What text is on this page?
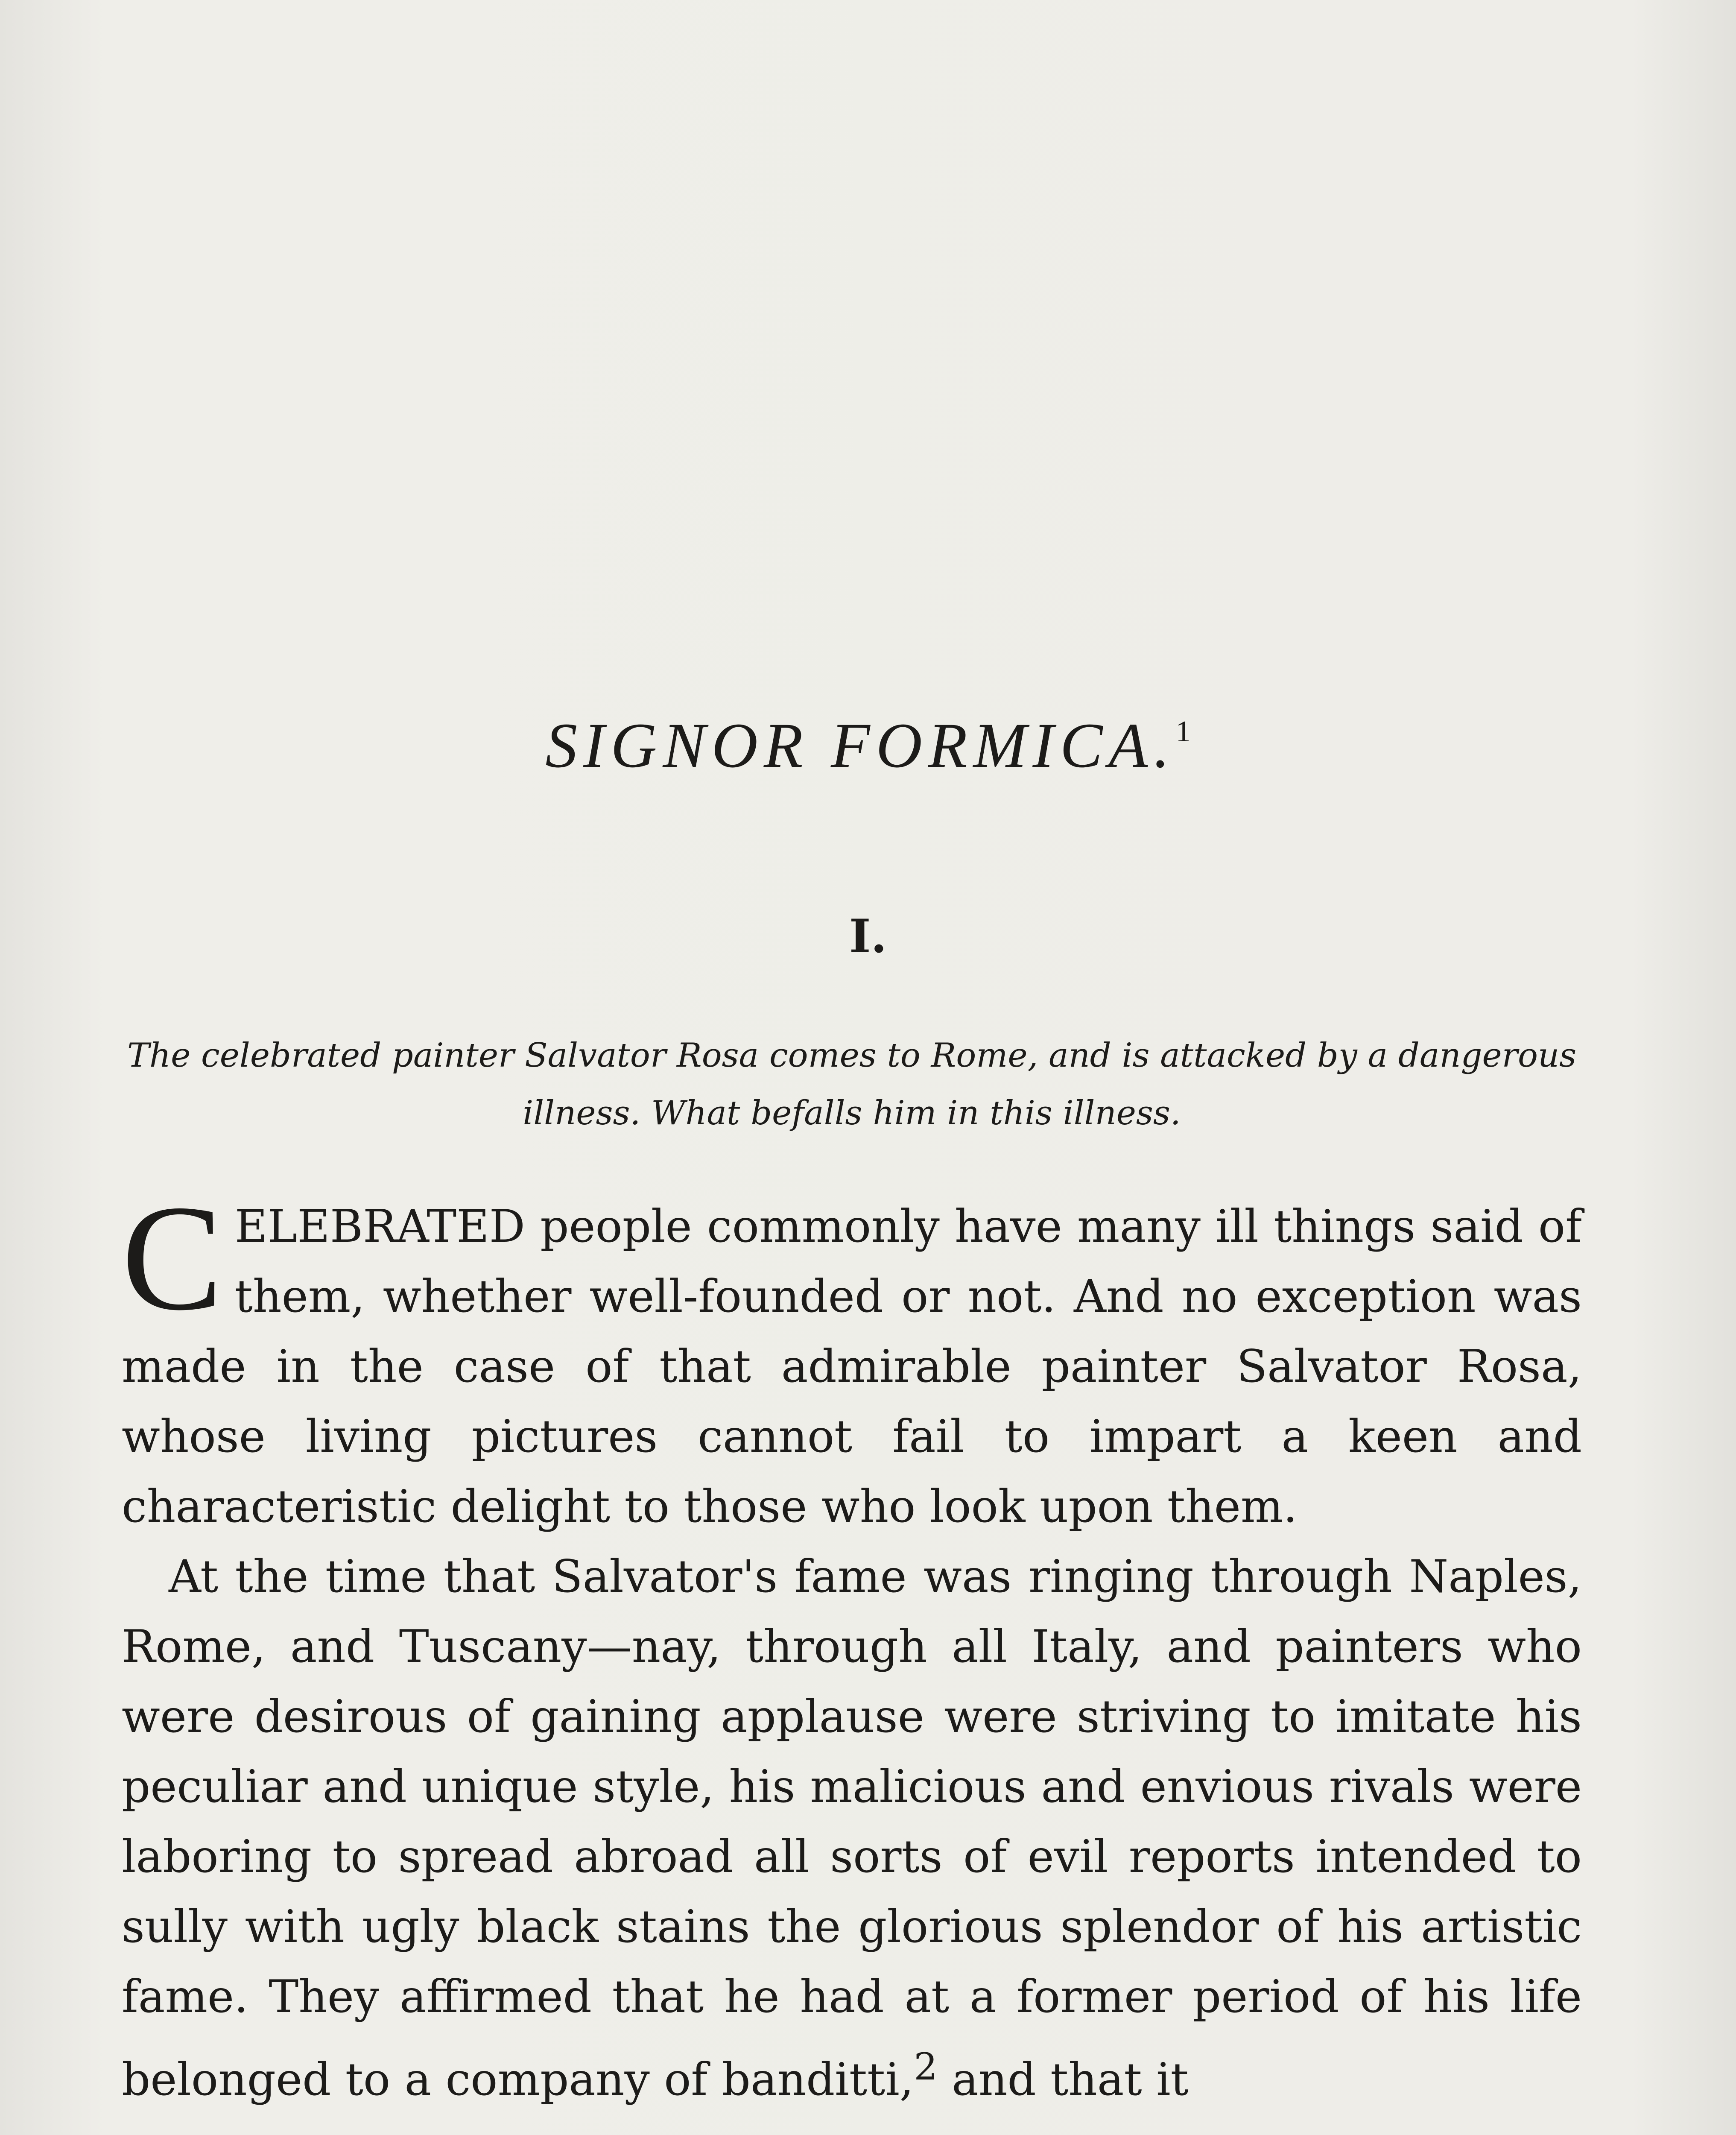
SIGNOR FORMICA.$^1$
I.
The celebrated painter Salvator Rosa comes to Rome, and is attacked by a dangerous illness. What befalls him in this illness.

CELEBRATED people commonly have many ill things said of them, whether well-founded or not. And no exception was made in the case of that admirable painter Salvator Rosa, whose living pictures cannot fail to impart a keen and characteristic delight to those who look upon them.

At the time that Salvator's fame was ringing through Naples, Rome, and Tuscany—nay, through all Italy, and painters who were desirous of gaining applause were striving to imitate his peculiar and unique style, his malicious and envious rivals were laboring to spread abroad all sorts of evil reports intended to sully with ugly black stains the glorious splendor of his artistic fame. They affirmed that he had at a former period of his life belonged to a company of banditti,$^2$ and that it
